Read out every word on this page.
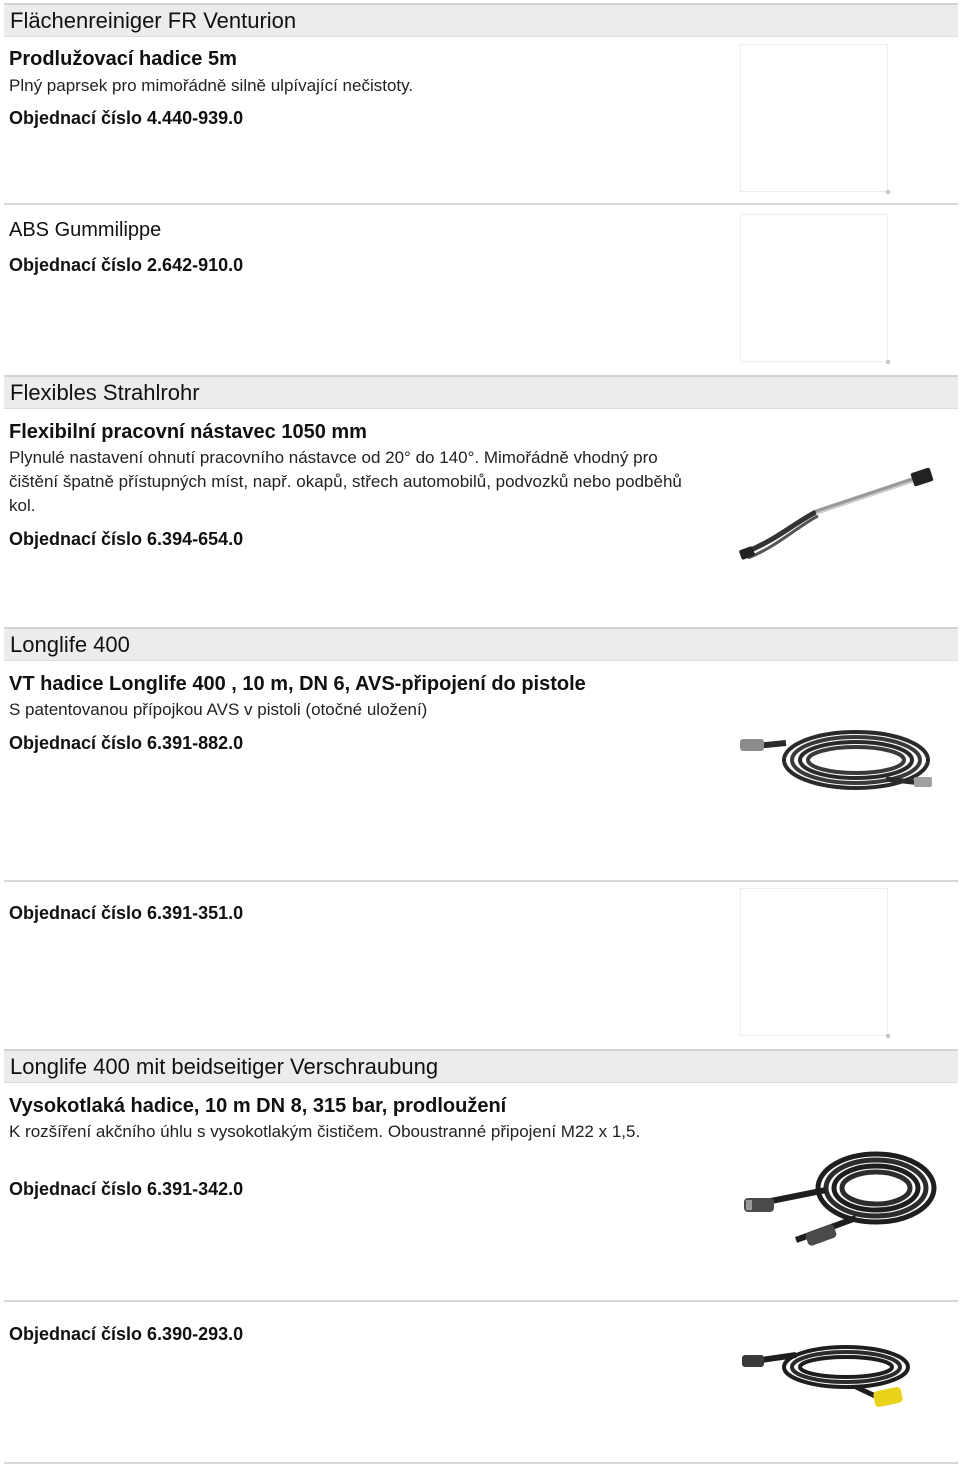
Flächenreiniger FR Venturion
Prodlužovací hadice 5m
Plný paprsek pro mimořádně silně ulpívající nečistoty.
Objednací číslo 4.440-939.0
ABS Gummilippe
Objednací číslo 2.642-910.0
Flexibles Strahlrohr
Flexibilní pracovní nástavec 1050 mm
Plynulé nastavení ohnutí pracovního nástavce od 20° do 140°. Mimořádně vhodný pro čištění špatně přístupných míst, např. okapů, střech automobilů, podvozků nebo podběhů kol.
Objednací číslo 6.394-654.0
Longlife 400
VT hadice Longlife 400 , 10 m, DN 6, AVS-připojení do pistole
S patentovanou přípojkou AVS v pistoli (otočné uložení)
Objednací číslo 6.391-882.0
Objednací číslo 6.391-351.0
Longlife 400 mit beidseitiger Verschraubung
Vysokotlaká hadice, 10 m DN 8, 315 bar, prodloužení
K rozšíření akčního úhlu s vysokotlakým čističem. Oboustranné připojení M22 x 1,5.
Objednací číslo 6.391-342.0
Objednací číslo 6.390-293.0
